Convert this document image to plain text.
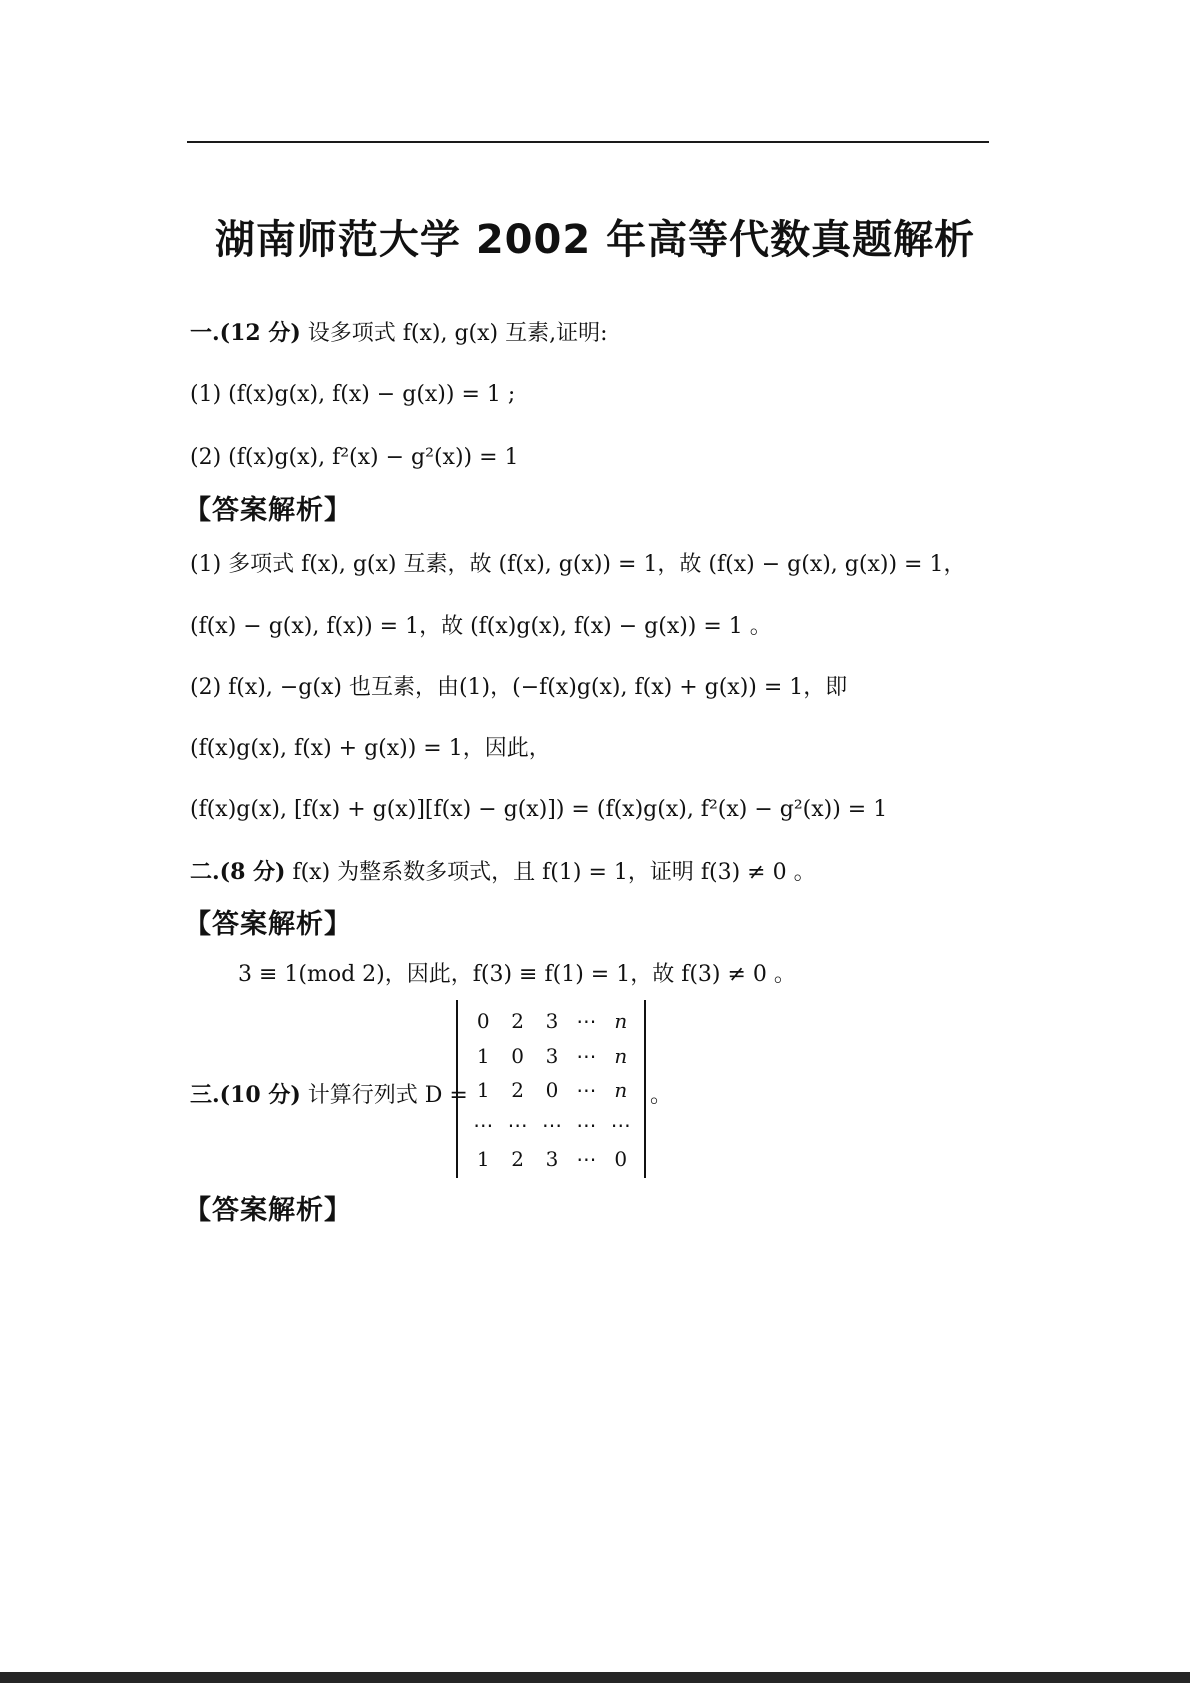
湖南师范大学 2002 年高等代数真题解析
一.(12 分) 设多项式 f(x), g(x) 互素,证明:
(1) (f(x)g(x), f(x) − g(x)) = 1 ;
(2) (f(x)g(x), f²(x) − g²(x)) = 1
【答案解析】
(1) 多项式 f(x), g(x) 互素，故 (f(x), g(x)) = 1，故 (f(x) − g(x), g(x)) = 1，
(f(x) − g(x), f(x)) = 1，故 (f(x)g(x), f(x) − g(x)) = 1 。
(2) f(x), −g(x) 也互素，由(1)，(−f(x)g(x), f(x) + g(x)) = 1，即
(f(x)g(x), f(x) + g(x)) = 1，因此，
(f(x)g(x), [f(x) + g(x)][f(x) − g(x)]) = (f(x)g(x), f²(x) − g²(x)) = 1
二.(8 分) f(x) 为整系数多项式，且 f(1) = 1，证明 f(3) ≠ 0 。
【答案解析】
3 ≡ 1(mod 2)，因此，f(3) ≡ f(1) = 1，故 f(3) ≠ 0 。
三.(10 分) 计算行列式 D =
0	2	3 ⋯ n
1	0	3 ⋯ n
1	2	0 ⋯ n
⋯ ⋯ ⋯ ⋯ ⋯
1	2	3 ⋯ 0
。
【答案解析】
